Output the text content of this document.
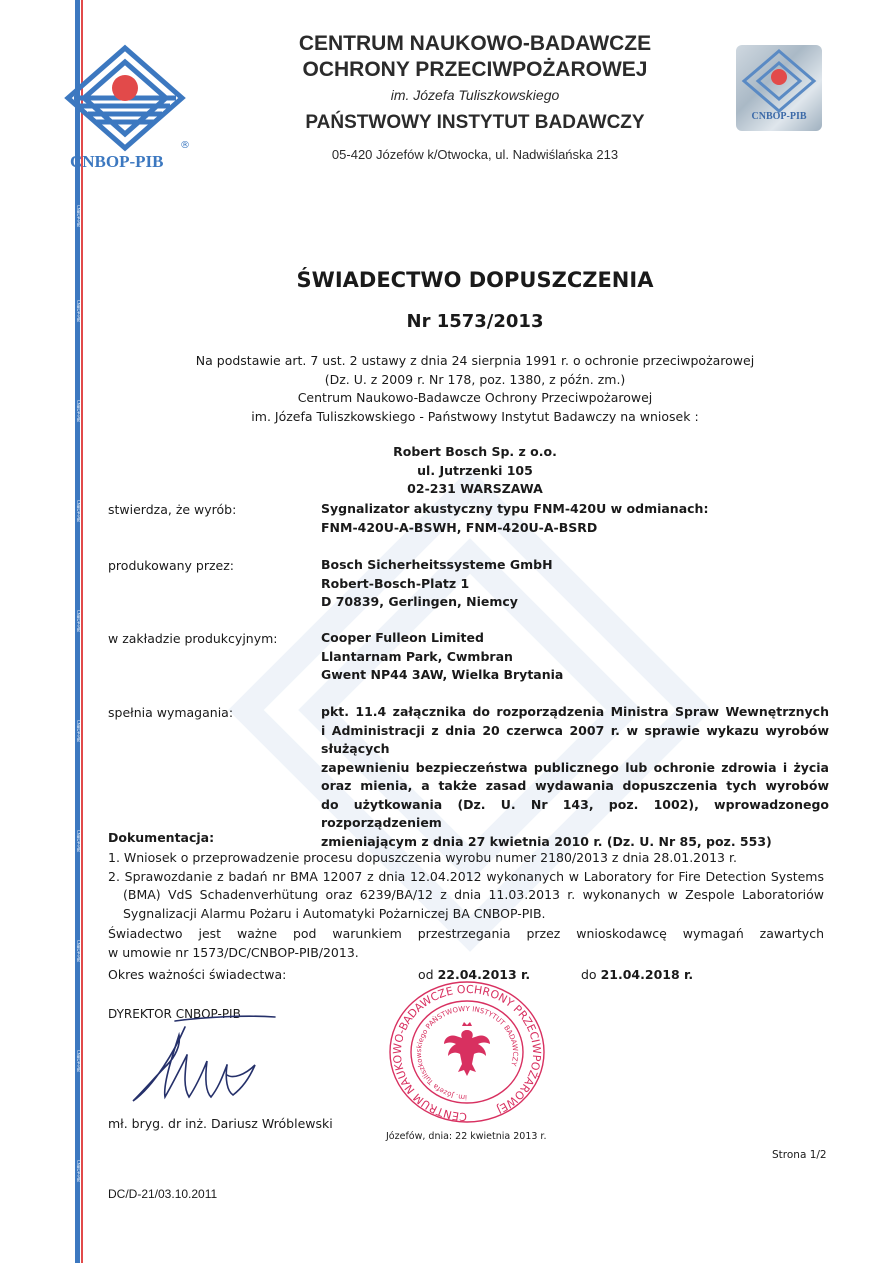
CNBOP-PIB
CNBOP-PIB
CNBOP-PIB
CNBOP-PIB
CNBOP-PIB
CNBOP-PIB
CNBOP-PIB
CNBOP-PIB
CNBOP-PIB
CNBOP-PIB
®
CNBOP-PIB
CENTRUM NAUKOWO-BADAWCZE
OCHRONY PRZECIWPOŻAROWEJ
im. Józefa Tuliszkowskiego
PAŃSTWOWY INSTYTUT BADAWCZY
05-420 Józefów k/Otwocka, ul. Nadwiślańska 213
CNBOP-PIB
ŚWIADECTWO DOPUSZCZENIA
Nr 1573/2013
Na podstawie art. 7 ust. 2 ustawy z dnia 24 sierpnia 1991 r. o ochronie przeciwpożarowej
(Dz. U. z 2009 r. Nr 178, poz. 1380, z późn. zm.)
Centrum Naukowo-Badawcze Ochrony Przeciwpożarowej
im. Józefa Tuliszkowskiego - Państwowy Instytut Badawczy na wniosek :
Robert Bosch Sp. z o.o.
ul. Jutrzenki 105
02-231 WARSZAWA
stwierdza, że wyrób:	Sygnalizator akustyczny typu FNM-420U w odmianach:
FNM-420U-A-BSWH, FNM-420U-A-BSRD
produkowany przez:	Bosch Sicherheitssysteme GmbH
Robert-Bosch-Platz 1
D 70839, Gerlingen, Niemcy
w zakładzie produkcyjnym:	Cooper Fulleon Limited
Llantarnam Park, Cwmbran
Gwent NP44 3AW, Wielka Brytania
spełnia wymagania:	pkt. 11.4 załącznika do rozporządzenia Ministra Spraw Wewnętrznych
i Administracji z dnia 20 czerwca 2007 r. w sprawie wykazu wyrobów służących
zapewnieniu bezpieczeństwa publicznego lub ochronie zdrowia i życia
oraz mienia, a także zasad wydawania dopuszczenia tych wyrobów
do użytkowania (Dz. U. Nr 143, poz. 1002), wprowadzonego rozporządzeniem
zmieniającym z dnia 27 kwietnia 2010 r. (Dz. U. Nr 85, poz. 553)
Dokumentacja:
1. Wniosek o przeprowadzenie procesu dopuszczenia wyrobu numer 2180/2013 z dnia 28.01.2013 r.
2. Sprawozdanie z badań nr BMA 12007 z dnia 12.04.2012 wykonanych w Laboratory for Fire Detection Systems
(BMA) VdS Schadenverhütung oraz 6239/BA/12 z dnia 11.03.2013 r. wykonanych w Zespole Laboratoriów
Sygnalizacji Alarmu Pożaru i Automatyki Pożarniczej BA CNBOP-PIB.
Świadectwo jest ważne pod warunkiem przestrzegania przez wnioskodawcę wymagań zawartych
w umowie nr 1573/DC/CNBOP-PIB/2013.
Okres ważności świadectwa:	od 22.04.2013 r.	do 21.04.2018 r.
DYREKTOR CNBOP-PIB
mł. bryg. dr inż. Dariusz Wróblewski	CENTRUM NAUKOWO-BADAWCZE OCHRONY PRZECIWPOŻAROWEJ
im. Józefa Tuliszkowskiego PAŃSTWOWY INSTYTUT BADAWCZY
Józefów, dnia: 22 kwietnia 2013 r.
Strona 1/2
DC/D-21/03.10.2011
